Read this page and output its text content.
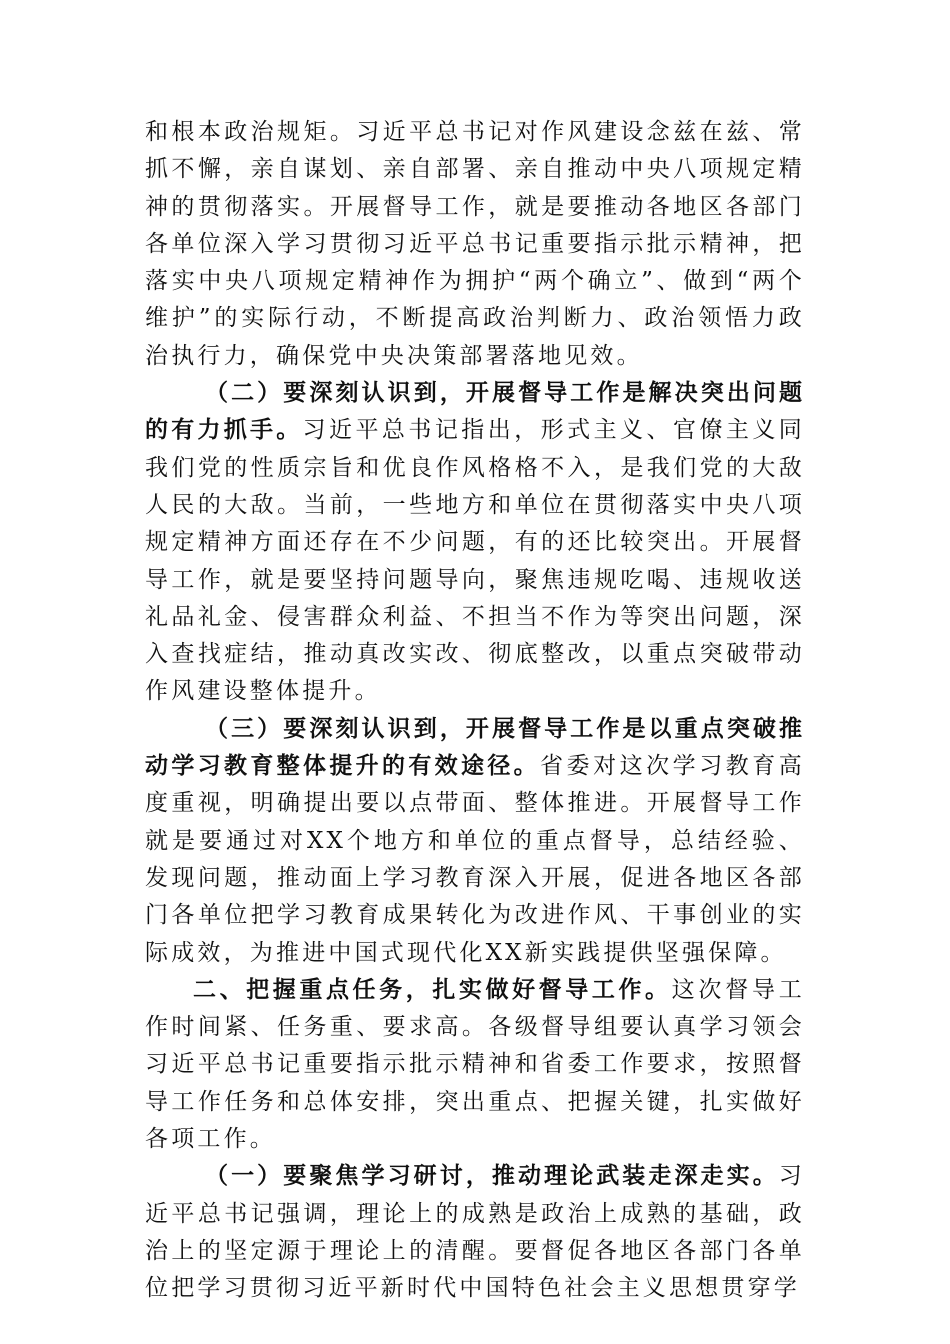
和根本政治规矩。习近平总书记对作风建设念兹在兹、常抓不懈，亲自谋划、亲自部署、亲自推动中央八项规定精神的贯彻落实。开展督导工作，就是要推动各地区各部门各单位深入学习贯彻习近平总书记重要指示批示精神，把落实中央八项规定精神作为拥护“两个确立”、做到“两个维护”的实际行动，不断提高政治判断力、政治领悟力政治执行力，确保党中央决策部署落地见效。

（二）要深刻认识到，开展督导工作是解决突出问题的有力抓手。习近平总书记指出，形式主义、官僚主义同我们党的性质宗旨和优良作风格格不入，是我们党的大敌人民的大敌。当前，一些地方和单位在贯彻落实中央八项规定精神方面还存在不少问题，有的还比较突出。开展督导工作，就是要坚持问题导向，聚焦违规吃喝、违规收送礼品礼金、侵害群众利益、不担当不作为等突出问题，深入查找症结，推动真改实改、彻底整改，以重点突破带动作风建设整体提升。

（三）要深刻认识到，开展督导工作是以重点突破推动学习教育整体提升的有效途径。省委对这次学习教育高度重视，明确提出要以点带面、整体推进。开展督导工作就是要通过对XX个地方和单位的重点督导，总结经验、发现问题，推动面上学习教育深入开展，促进各地区各部门各单位把学习教育成果转化为改进作风、干事创业的实际成效，为推进中国式现代化XX新实践提供坚强保障。

二、把握重点任务，扎实做好督导工作。这次督导工作时间紧、任务重、要求高。各级督导组要认真学习领会习近平总书记重要指示批示精神和省委工作要求，按照督导工作任务和总体安排，突出重点、把握关键，扎实做好各项工作。

（一）要聚焦学习研讨，推动理论武装走深走实。习近平总书记强调，理论上的成熟是政治上成熟的基础，政治上的坚定源于理论上的清醒。要督促各地区各部门各单位把学习贯彻习近平新时代中国特色社会主义思想贯穿学
